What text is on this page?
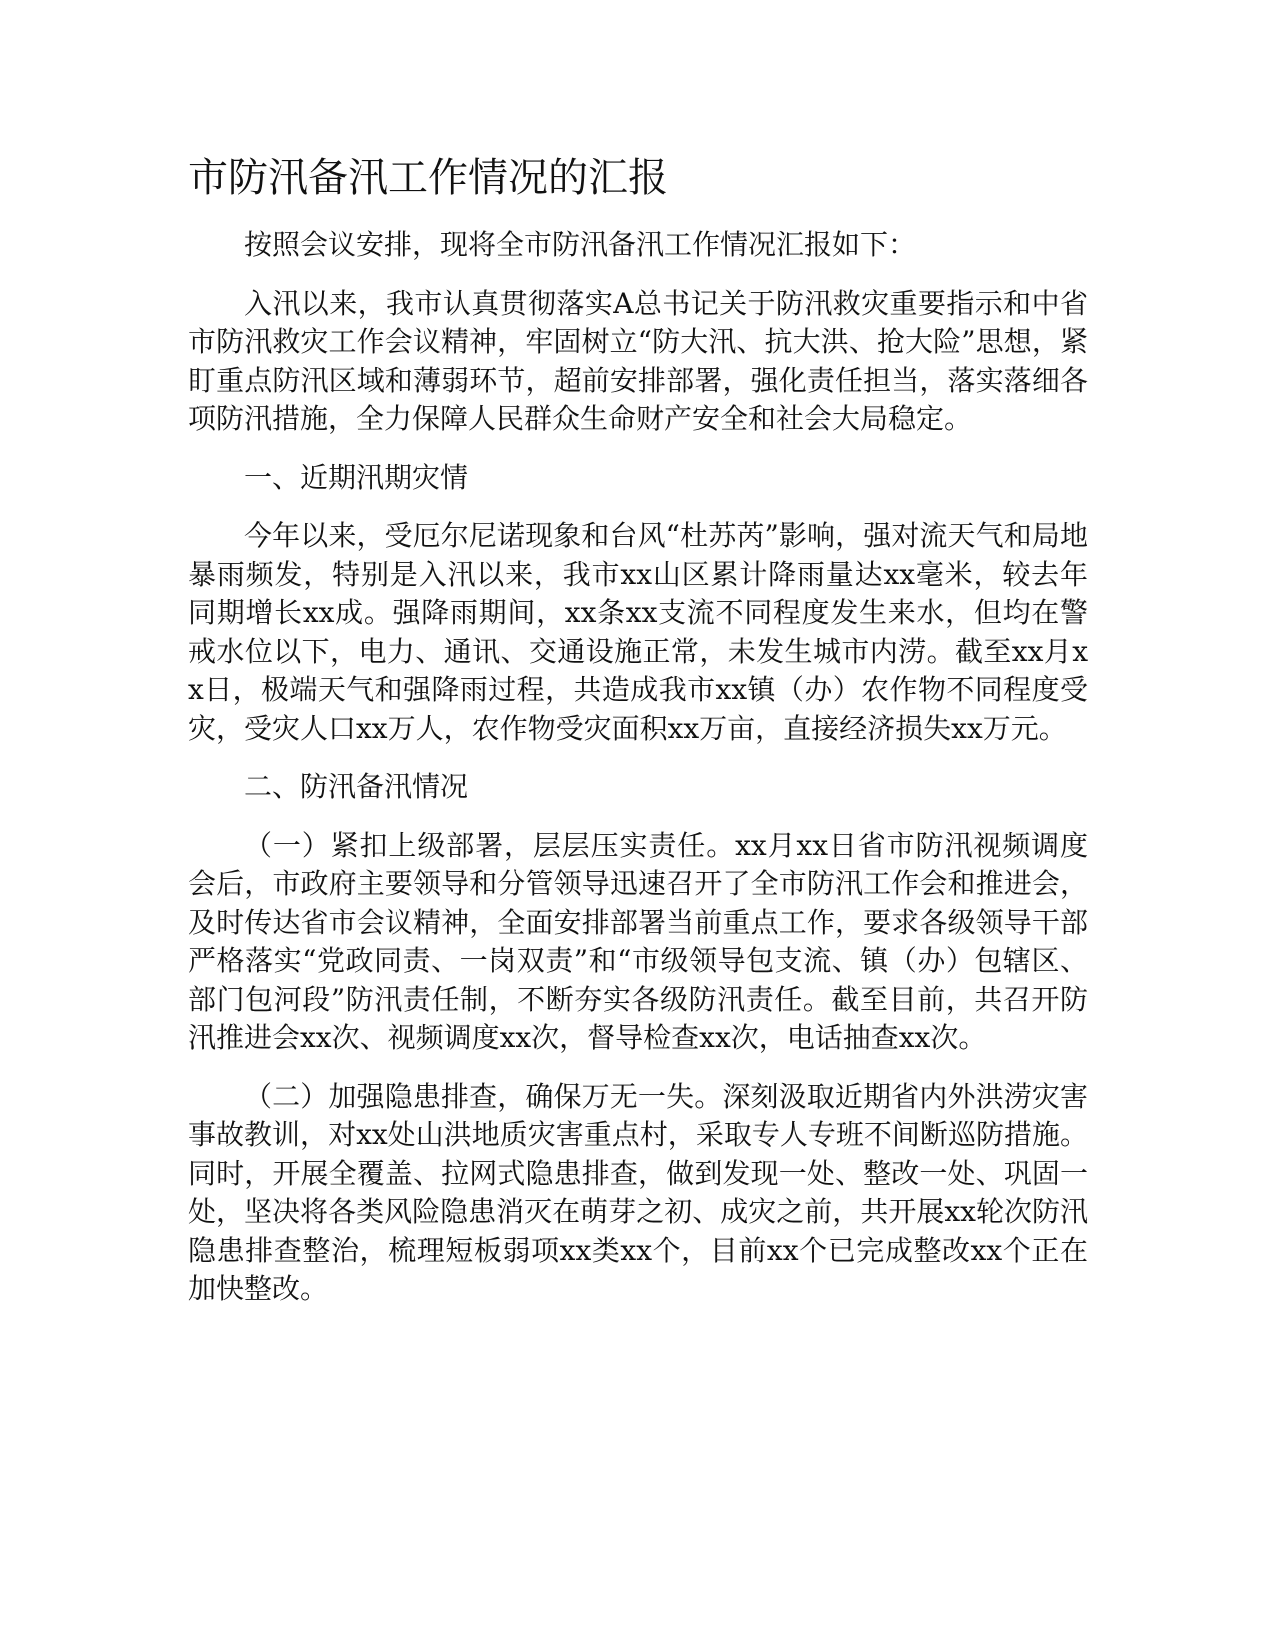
市防汛备汛工作情况的汇报

按照会议安排，现将全市防汛备汛工作情况汇报如下：

入汛以来，我市认真贯彻落实A总书记关于防汛救灾重要指示和中省市防汛救灾工作会议精神，牢固树立“防大汛、抗大洪、抢大险”思想，紧盯重点防汛区域和薄弱环节，超前安排部署，强化责任担当，落实落细各项防汛措施，全力保障人民群众生命财产安全和社会大局稳定。

一、近期汛期灾情

今年以来，受厄尔尼诺现象和台风“杜苏芮”影响，强对流天气和局地暴雨频发，特别是入汛以来，我市xx山区累计降雨量达xx毫米，较去年同期增长xx成。强降雨期间，xx条xx支流不同程度发生来水，但均在警戒水位以下，电力、通讯、交通设施正常，未发生城市内涝。截至xx月xx日，极端天气和强降雨过程，共造成我市xx镇（办）农作物不同程度受灾，受灾人口xx万人，农作物受灾面积xx万亩，直接经济损失xx万元。

二、防汛备汛情况

（一）紧扣上级部署，层层压实责任。xx月xx日省市防汛视频调度会后，市政府主要领导和分管领导迅速召开了全市防汛工作会和推进会，及时传达省市会议精神，全面安排部署当前重点工作，要求各级领导干部严格落实“党政同责、一岗双责”和“市级领导包支流、镇（办）包辖区、部门包河段”防汛责任制，不断夯实各级防汛责任。截至目前，共召开防汛推进会xx次、视频调度xx次，督导检查xx次，电话抽查xx次。

（二）加强隐患排查，确保万无一失。深刻汲取近期省内外洪涝灾害事故教训，对xx处山洪地质灾害重点村，采取专人专班不间断巡防措施。同时，开展全覆盖、拉网式隐患排查，做到发现一处、整改一处、巩固一处，坚决将各类风险隐患消灭在萌芽之初、成灾之前，共开展xx轮次防汛隐患排查整治，梳理短板弱项xx类xx个，目前xx个已完成整改xx个正在加快整改。
